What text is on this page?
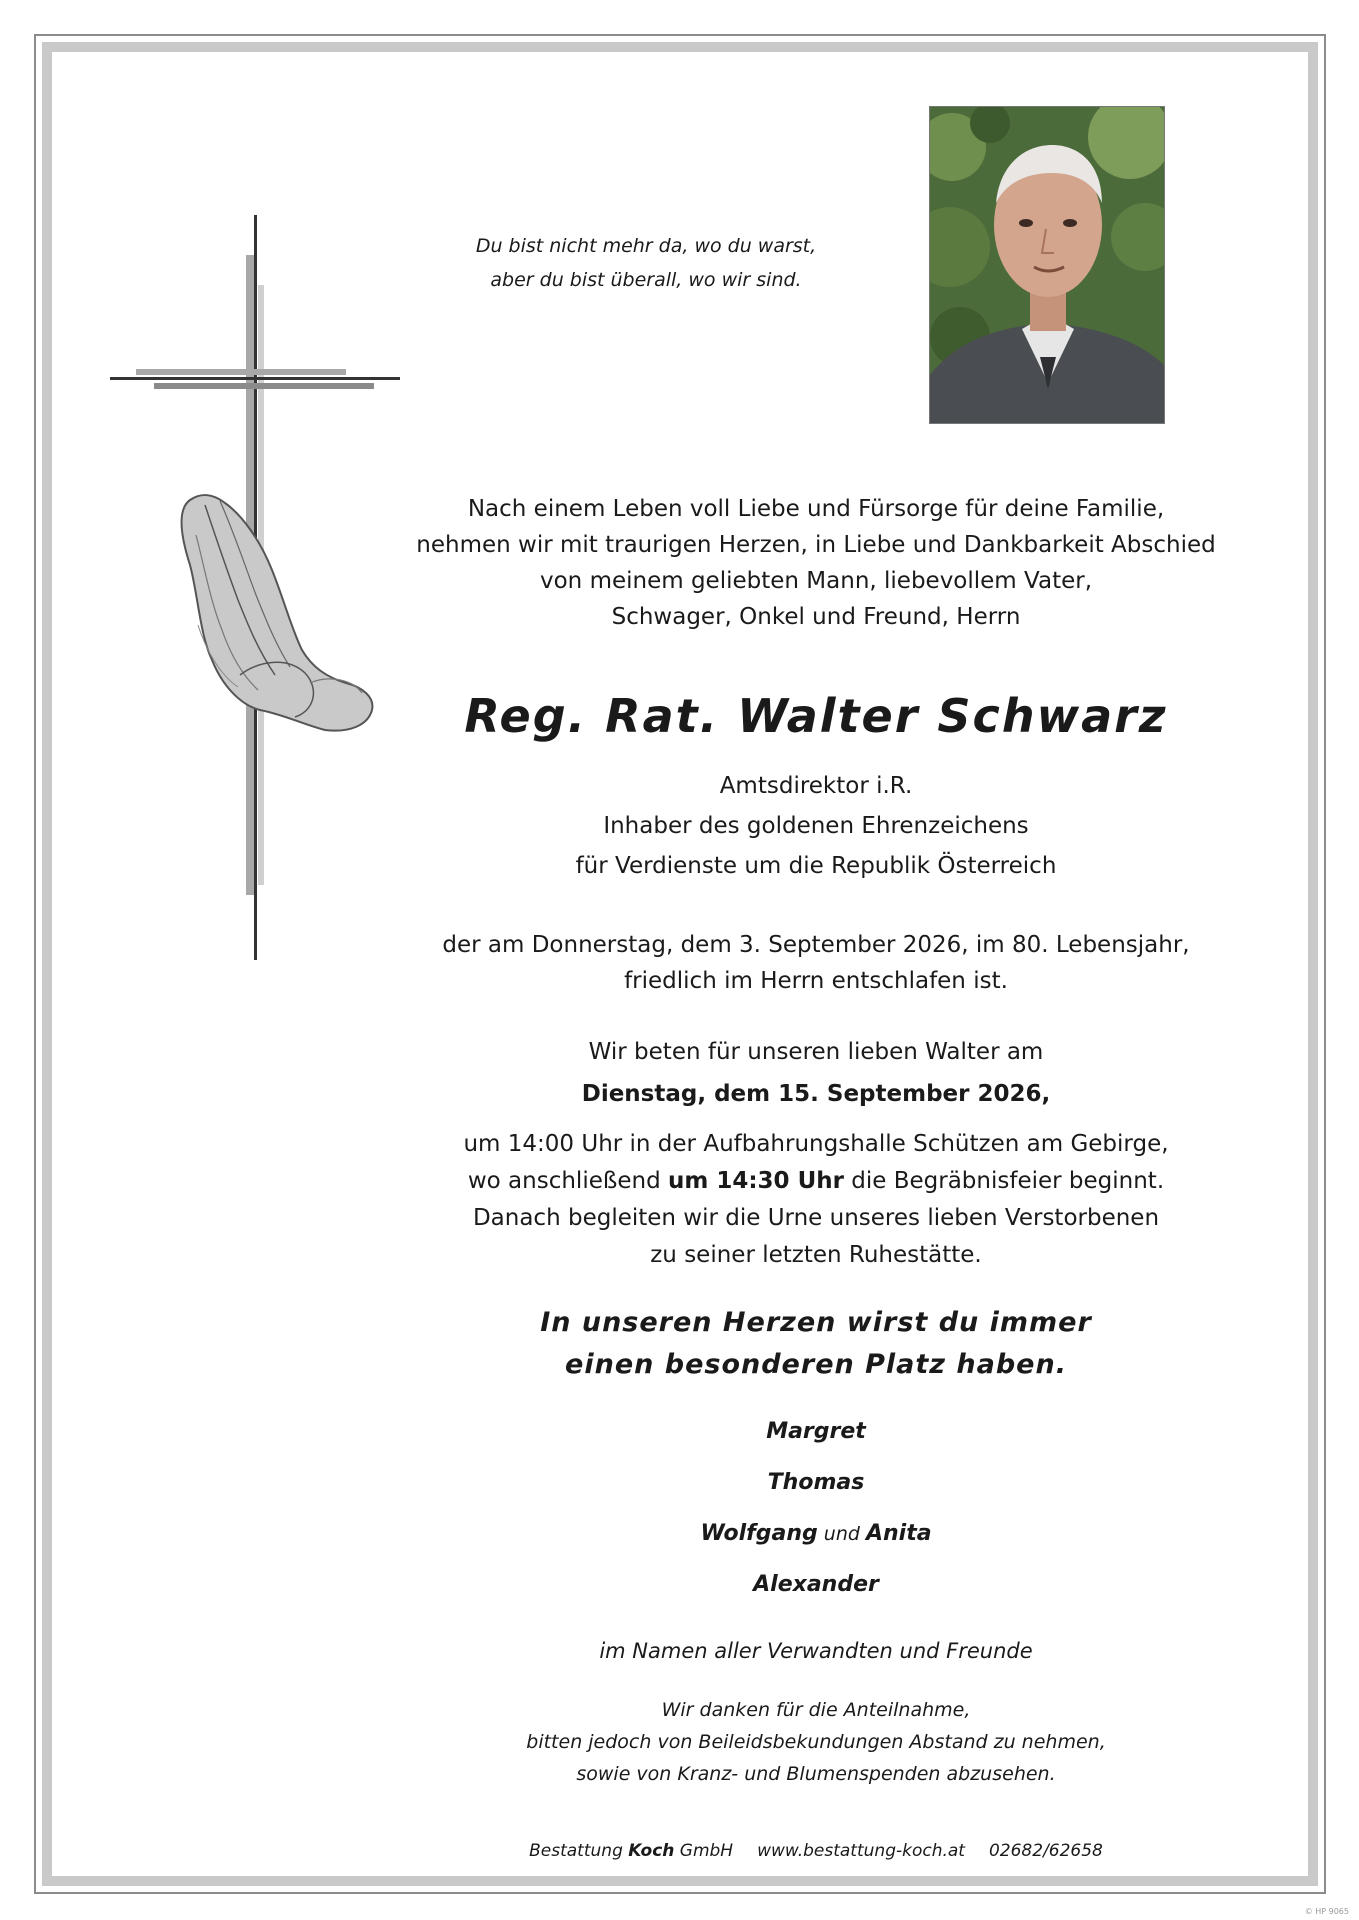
Du bist nicht mehr da, wo du warst,
aber du bist überall, wo wir sind.
Nach einem Leben voll Liebe und Fürsorge für deine Familie,
nehmen wir mit traurigen Herzen, in Liebe und Dankbarkeit Abschied
von meinem geliebten Mann, liebevollem Vater,
Schwager, Onkel und Freund, Herrn
Reg. Rat. Walter Schwarz
Amtsdirektor i.R.
Inhaber des goldenen Ehrenzeichens
für Verdienste um die Republik Österreich
der am Donnerstag, dem 3. September 2026, im 80. Lebensjahr,
friedlich im Herrn entschlafen ist.
Wir beten für unseren lieben Walter am
Dienstag, dem 15. September 2026,
um 14:00 Uhr in der Aufbahrungshalle Schützen am Gebirge,
wo anschließend um 14:30 Uhr die Begräbnisfeier beginnt.
Danach begleiten wir die Urne unseres lieben Verstorbenen
zu seiner letzten Ruhestätte.
In unseren Herzen wirst du immer
einen besonderen Platz haben.
Margret
Thomas
Wolfgang und Anita
Alexander
im Namen aller Verwandten und Freunde
Wir danken für die Anteilnahme,
bitten jedoch von Beileidsbekundungen Abstand zu nehmen,
sowie von Kranz- und Blumenspenden abzusehen.
Bestattung Koch GmbH www.bestattung-koch.at 02682/62658
© HP 9065
